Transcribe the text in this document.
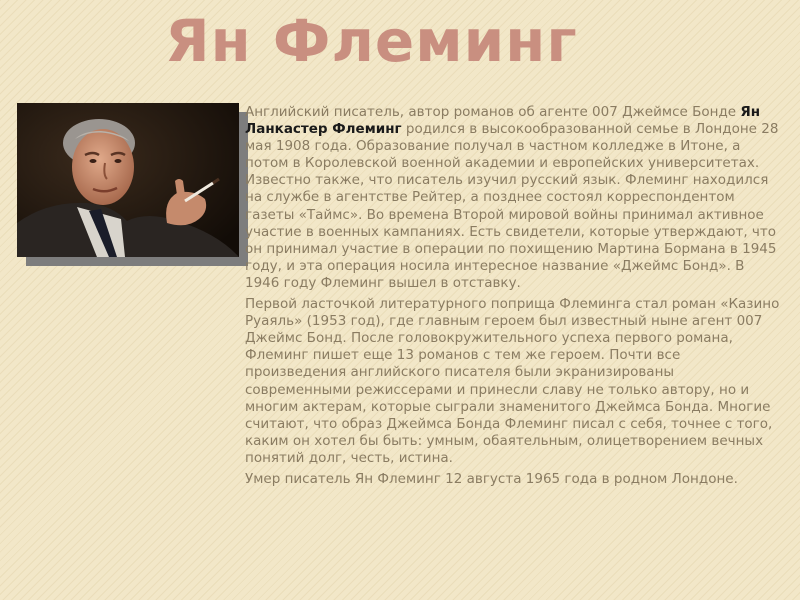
Ян Флеминг

Английский писатель, автор романов об агенте 007 Джеймсе Бонде Ян Ланкастер Флеминг родился в высокообразованной семье в Лондоне 28 мая 1908 года. Образование получал в частном колледже в Итоне, а потом в Королевской военной академии и европейских университетах. Известно также, что писатель изучил русский язык. Флеминг находился на службе в агентстве Рейтер, а позднее состоял корреспондентом газеты «Таймс». Во времена Второй мировой войны принимал активное участие в военных кампаниях. Есть свидетели, которые утверждают, что он принимал участие в операции по похищению Мартина Бормана в 1945 году, и эта операция носила интересное название «Джеймс Бонд». В 1946 году Флеминг вышел в отставку.

Первой ласточкой литературного поприща Флеминга стал роман «Казино Руаяль» (1953 год), где главным героем был известный ныне агент 007 Джеймс Бонд. После головокружительного успеха первого романа, Флеминг пишет еще 13 романов с тем же героем. Почти все произведения английского писателя были экранизированы современными режиссерами и принесли славу не только автору, но и многим актерам, которые сыграли знаменитого Джеймса Бонда. Многие считают, что образ Джеймса Бонда Флеминг писал с себя, точнее с того, каким он хотел бы быть: умным, обаятельным, олицетворением вечных понятий долг, честь, истина.

Умер писатель Ян Флеминг 12 августа 1965 года в родном Лондоне.
